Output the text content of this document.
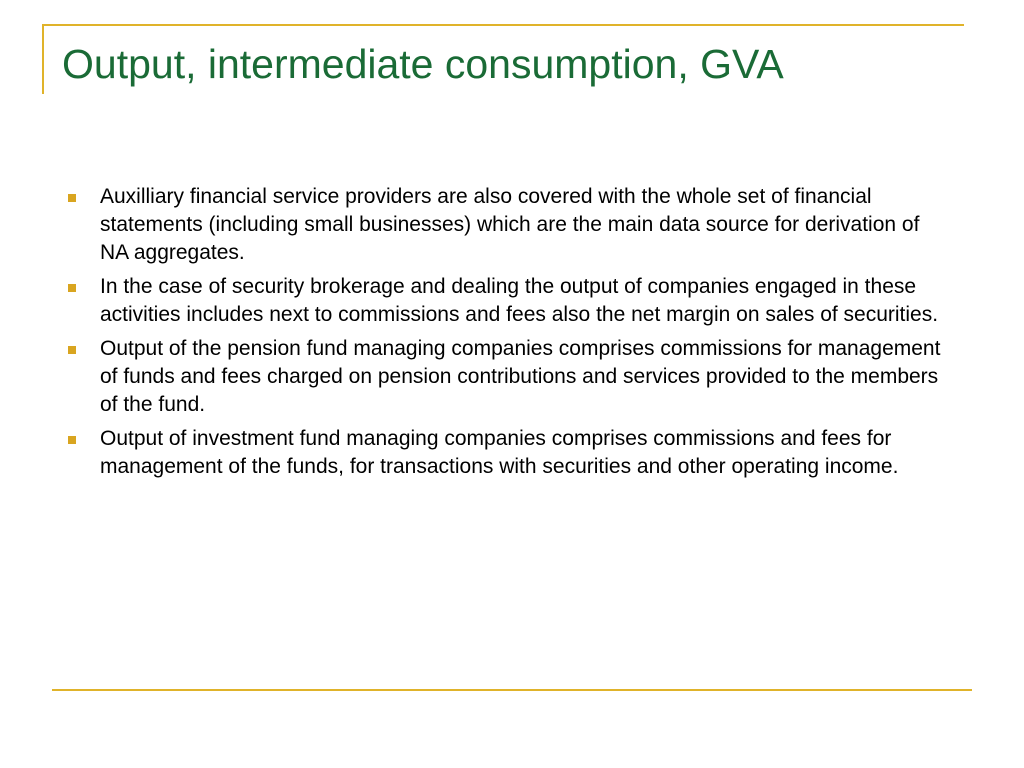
Output, intermediate consumption, GVA
Auxilliary financial service providers are also covered with the whole set of financial statements (including small businesses) which are the main data source for derivation of NA aggregates.
In the case of security brokerage and dealing the output of companies engaged in these activities includes next to commissions and fees also the net margin on sales of securities.
Output of the pension fund managing companies comprises commissions for management of funds and fees charged on pension contributions and services provided to the members of the fund.
Output of investment fund managing companies comprises commissions and fees for management of the funds, for transactions with securities and other operating income.
